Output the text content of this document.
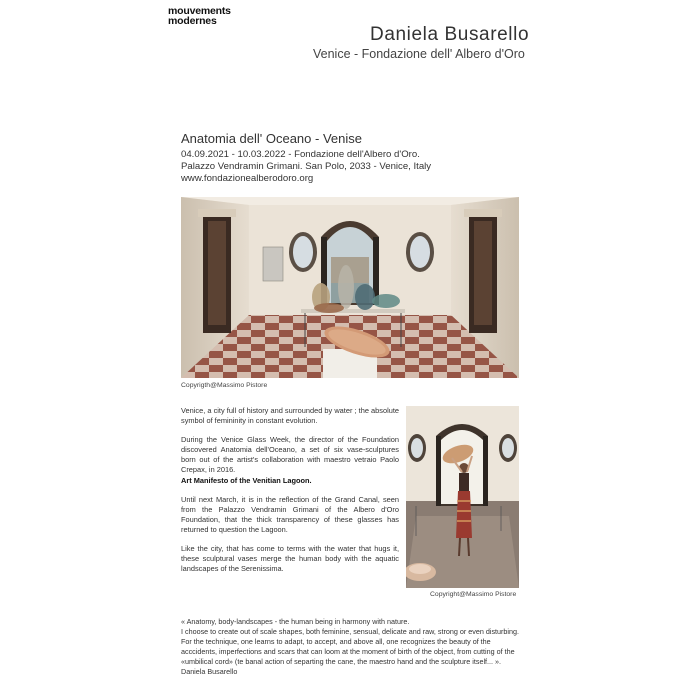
mouvements
modernes
Daniela Busarello
Venice - Fondazione dell' Albero d'Oro
Anatomia dell' Oceano - Venise
04.09.2021 - 10.03.2022 - Fondazione dell'Albero d'Oro.
Palazzo Vendramin Grimani. San Polo, 2033 - Venice, Italy
www.fondazionealberodoro.org
Copyrigth@Massimo Pistore

Venice, a city full of history and surrounded by water ; the absolute symbol of femininity in constant evolution.

During the Venice Glass Week, the director of the Foundation discovered Anatomia dell'Oceano, a set of six vase-sculptures born out of the artist's collaboration with maestro vetraio Paolo Crepax, in 2016.
Art Manifesto of the Venitian Lagoon.

Until next March, it is in the reflection of the Grand Canal, seen from the Palazzo Vendramin Grimani of the Albero d'Oro Foundation, that the thick transparency of these glasses has returned to question the Lagoon.

Like the city, that has come to terms with the water that hugs it, these sculptural vases merge the human body with the aquatic landscapes of the Serenissima.

Copyright@Massimo Pistore

« Anatomy, body-landscapes - the human being in harmony with nature.

I choose to create out of scale shapes, both feminine, sensual, delicate and raw, strong or even disturbing. For the technique, one learns to adapt, to accept, and above all, one recognizes the beauty of the acccidents, imperfections and scars that can loom at the moment of birth of the object, from cutting of the «umbilical cord» (te banal action of separting the cane, the maestro hand and the sculpture itself... ».

Daniela Busarello
